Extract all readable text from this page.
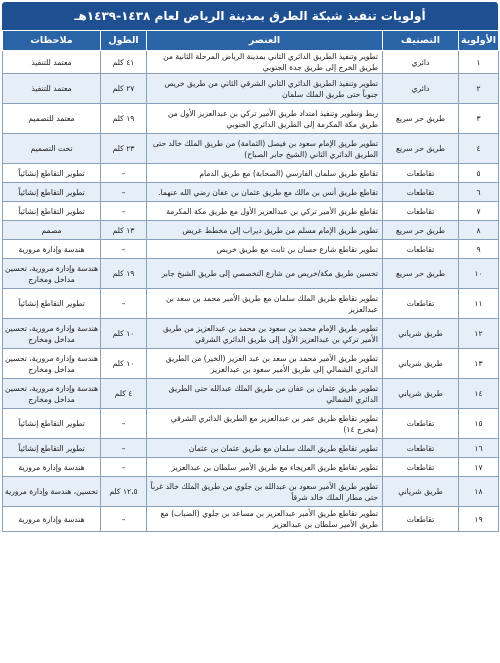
أولويات تنفيذ شبكة الطرق بمدينة الرياض لعام ١٤٣٨-١٤٣٩هـ
الأولوية	التصنيف	العنصر	الطول	ملاحظات
١	دائري	تطوير وتنفيذ الطريق الدائري الثاني بمدينة الرياض المرحلة الثانية من طريق الخرج إلى طريق جدة الجنوبي	٤١ كلم	معتمد للتنفيذ
٢	دائري	تطوير وتنفيذ الطريق الدائري الثاني الشرقي الثاني من طريق خريص جنوباً حتى طريق الملك سلمان	٢٧ كلم	معتمد للتنفيذ
٣	طريق حر سريع	ربط وتطوير وتنفيذ امتداد طريق الأمير تركي بن عبدالعزيز الأول من طريق مكة المكرمة إلى الطريق الدائري الجنوبي	١٩ كلم	معتمد للتصميم
٤	طريق حر سريع	تطوير طريق الإمام سعود بن فيصل (الثمامة) من طريق الملك خالد حتى الطريق الدائري الثاني (الشيخ جابر الصباح)	٢٣ كلم	تحت التصميم
٥	تقاطعات	تقاطع طريق سلمان الفارسي (الصحابة) مع طريق الدمام	–	تطوير التقاطع إنشائياً
٦	تقاطعات	تقاطع طريق أنس بن مالك مع طريق عثمان بن عفان رضي الله عنهما.	–	تطوير التقاطع إنشائياً
٧	تقاطعات	تقاطع طريق الأمير تركي بن عبدالعزيز الأول مع طريق مكة المكرمة	–	تطوير التقاطع إنشائياً
٨	طريق حر سريع	تطوير طريق الإمام مسلم من طريق ديراب إلى مخطط عريض	١٣ كلم	مصمم
٩	تقاطعات	تطوير تقاطع شارع حسان بن ثابت مع طريق خريص	–	هندسة وإدارة مرورية
١٠	طريق حر سريع	تحسين طريق مكة/خريص من شارع التخصصي إلى طريق الشيخ جابر	١٩ كلم	هندسة وإدارة مرورية، تحسين مداخل ومخارج
١١	تقاطعات	تطوير تقاطع طريق الملك سلمان مع طريق الأمير محمد بن سعد بن عبدالعزيز	–	تطوير التقاطع إنشائياً
١٢	طريق شرياني	تطوير طريق الإمام محمد بن سعود بن محمد بن عبدالعزيز من طريق الأمير تركي بن عبدالعزيز الأول إلى طريق الدائري الشرقي	١٠ كلم	هندسة وإدارة مرورية، تحسين مداخل ومخارج
١٣	طريق شرياني	تطوير طريق الأمير محمد بن سعد بن عبد العزيز (الخير) من الطريق الدائري الشمالي إلى طريق الأمير سعود بن عبدالعزيز	١٠ كلم	هندسة وإدارة مرورية، تحسين مداخل ومخارج
١٤	طريق شرياني	تطوير طريق عثمان بن عفان من طريق الملك عبدالله حتى الطريق الدائري الشمالي	٤ كلم	هندسة وإدارة مرورية، تحسين مداخل ومخارج
١٥	تقاطعات	تطوير تقاطع طريق عمر بن عبدالعزيز مع الطريق الدائري الشرقي (مخرج ١٤)	–	تطوير التقاطع إنشائياً
١٦	تقاطعات	تطوير تقاطع طريق الملك سلمان مع طريق عثمان بن عثمان	–	تطوير التقاطع إنشائياً
١٧	تقاطعات	تطوير تقاطع طريق العريجاء مع طريق الأمير سلطان بن عبدالعزيز	–	هندسة وإدارة مرورية
١٨	طريق شرياني	تطوير طريق الأمير سعود بن عبدالله بن جلوي من طريق الملك خالد غرباً حتى مطار الملك خالد شرقاً	١٢،٥ كلم	تحسين، هندسة وإدارة مرورية
١٩	تقاطعات	تطوير تقاطع طريق الأمير عبدالعزيز بن مساعد بن جلوي (الضباب) مع طريق الأمير سلطان بن عبدالعزيز	–	هندسة وإدارة مرورية
